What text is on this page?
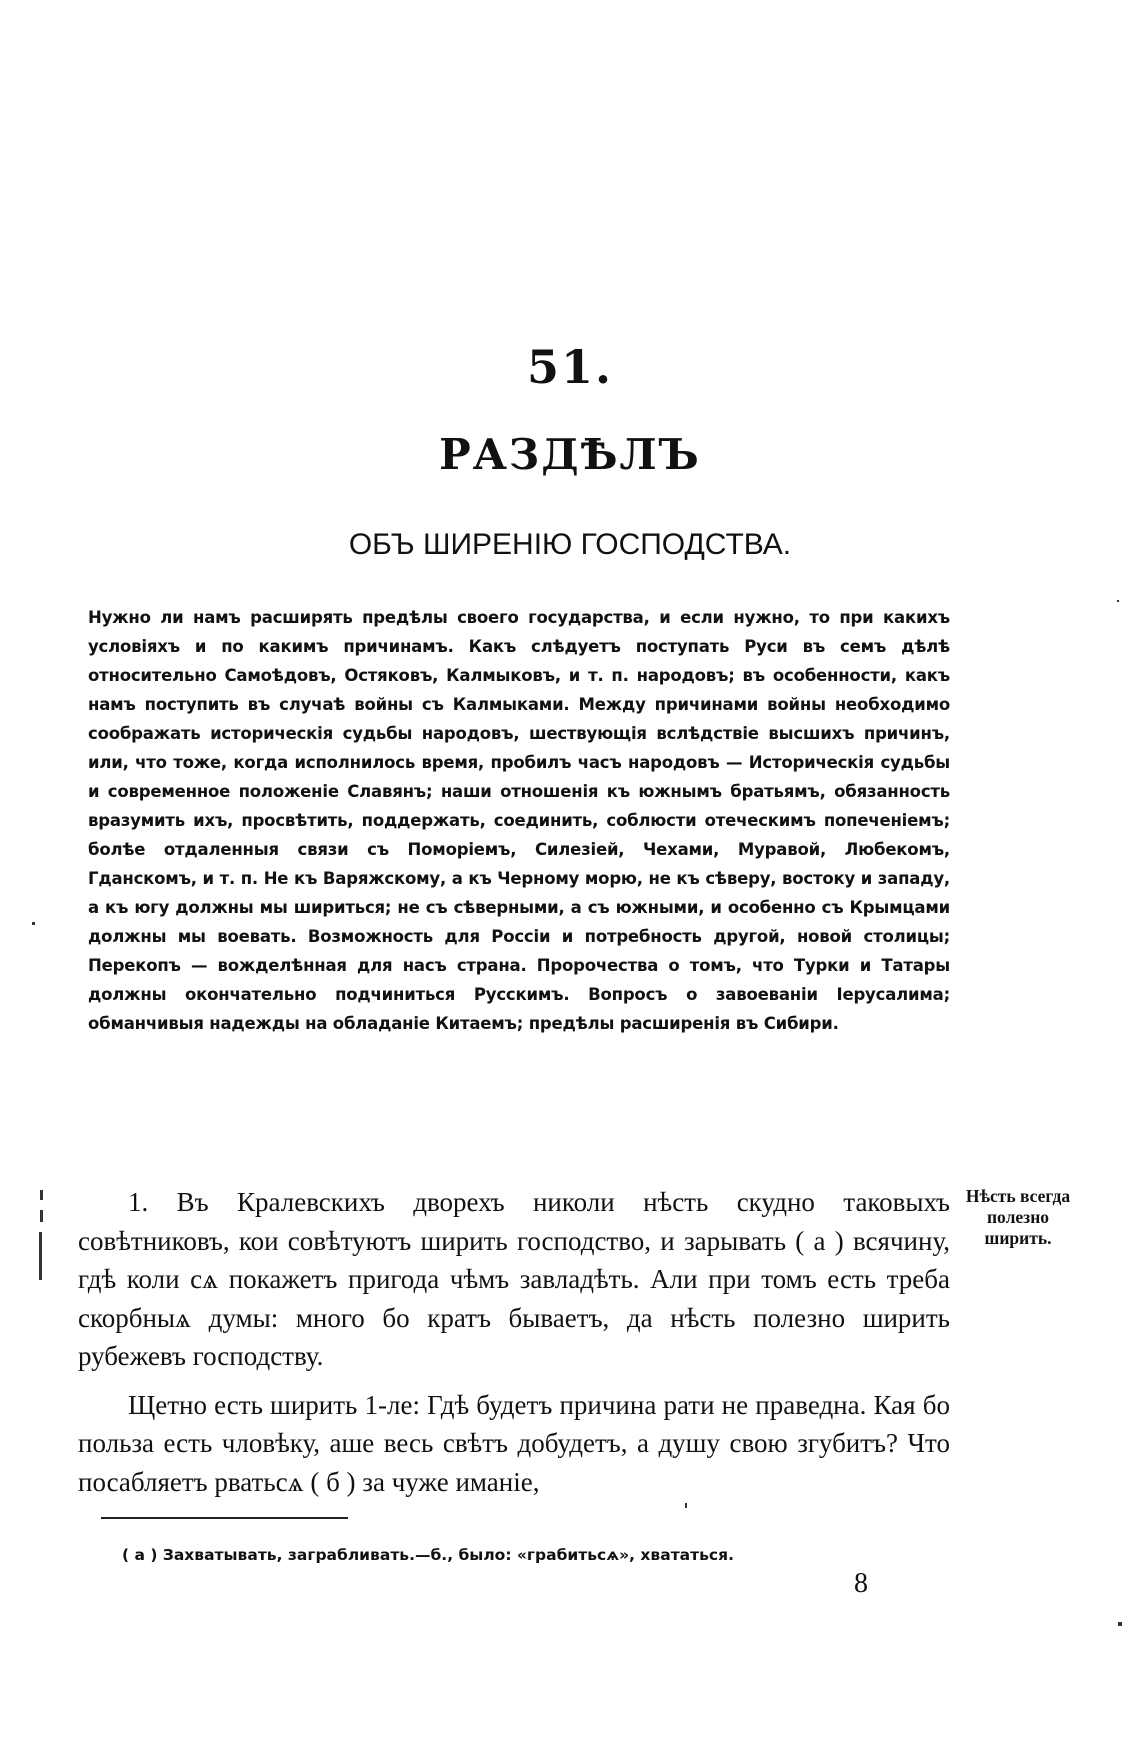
51.
РАЗДѢЛЪ
ОБЪ ШИРЕНІЮ ГОСПОДСТВА.

Нужно ли намъ расширять предѣлы своего государства, и если нужно, то при какихъ условіяхъ и по какимъ причинамъ. Какъ слѣдуетъ поступать Руси въ семъ дѣлѣ относительно Самоѣдовъ, Остяковъ, Калмыковъ, и т. п. народовъ; въ особенности, какъ намъ поступить въ случаѣ войны съ Калмыками. Между причинами войны необходимо соображать историческія судьбы народовъ, шествующія вслѣдствіе высшихъ причинъ, или, что тоже, когда исполнилось время, пробилъ часъ народовъ — Историческія судьбы и современное положеніе Славянъ; наши отношенія къ южнымъ братьямъ, обязанность вразумить ихъ, просвѣтить, поддержать, соединить, соблюсти отеческимъ попеченіемъ; болѣе отдаленныя связи съ Поморіемъ, Силезіей, Чехами, Муравой, Любекомъ, Гданскомъ, и т. п. Не къ Варяжскому, а къ Черному морю, не къ сѣверу, востоку и западу, а къ югу должны мы шириться; не съ сѣверными, а съ южными, и особенно съ Крымцами должны мы воевать. Возможность для Россіи и потребность другой, новой столицы; Перекопъ — вожделѣнная для насъ страна. Пророчества о томъ, что Турки и Татары должны окончательно подчиниться Русскимъ. Вопросъ о завоеваніи Іерусалима; обманчивыя надежды на обладаніе Китаемъ; предѣлы расширенія въ Сибири.

1. Въ Кралевскихъ дворехъ николи нѣсть скудно таковыхъ совѣтниковъ, кои совѣтуютъ ширить господство, и зарывать ( а ) всячину, гдѣ коли сѧ покажетъ пригода чѣмъ завладѣть. Али при томъ есть треба скорбныѧ думы: много бо кратъ бываетъ, да нѣсть полезно ширить рубежевъ господству.

Щетно есть ширить 1-ле: Гдѣ будетъ причина рати не праведна. Кая бо польза есть чловѣку, аше весь свѣтъ добудетъ, а душу свою згубитъ? Что посабляетъ рватьсѧ ( б ) за чуже иманіе,

Нѣсть всегда полезно ширить.
( а ) Захватывать, заграбливать.—б., было: «грабитьсѧ», хвататься.
8
